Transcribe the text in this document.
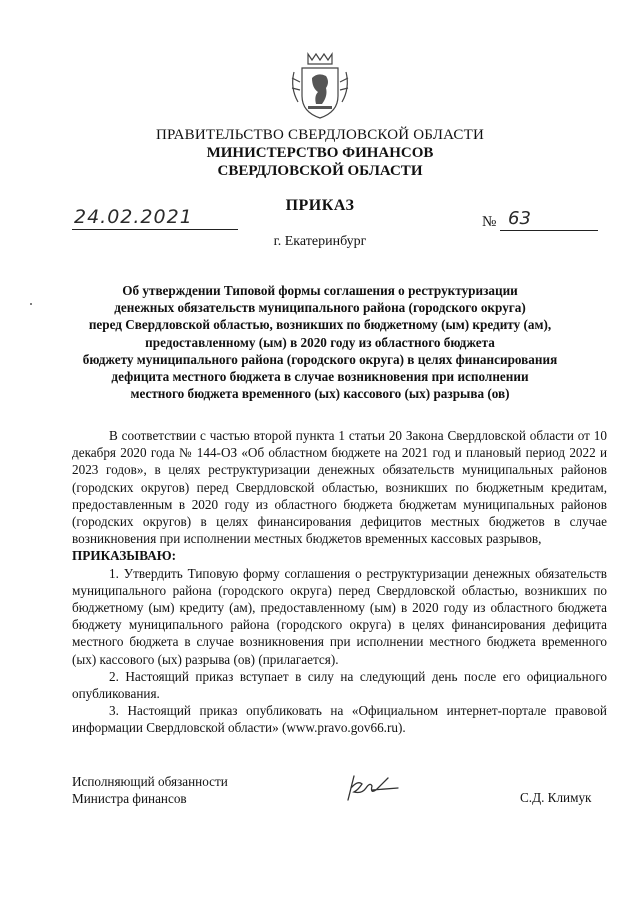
ПРАВИТЕЛЬСТВО СВЕРДЛОВСКОЙ ОБЛАСТИ
МИНИСТЕРСТВО ФИНАНСОВ
СВЕРДЛОВСКОЙ ОБЛАСТИ
ПРИКАЗ
24.02.2021	№ 63
г. Екатеринбург
Об утверждении Типовой формы соглашения о реструктуризации
денежных обязательств муниципального района (городского округа)
перед Свердловской областью, возникших по бюджетному (ым) кредиту (ам),
предоставленному (ым) в 2020 году из областного бюджета
бюджету муниципального района (городского округа) в целях финансирования
дефицита местного бюджета в случае возникновения при исполнении
местного бюджета временного (ых) кассового (ых) разрыва (ов)

В соответствии с частью второй пункта 1 статьи 20 Закона Свердловской области от 10 декабря 2020 года № 144-ОЗ «Об областном бюджете на 2021 год и плановый период 2022 и 2023 годов», в целях реструктуризации денежных обязательств муниципальных районов (городских округов) перед Свердловской областью, возникших по бюджетным кредитам, предоставленным в 2020 году из областного бюджета бюджетам муниципальных районов (городских округов) в целях финансирования дефицитов местных бюджетов в случае возникновения при исполнении местных бюджетов временных кассовых разрывов,

ПРИКАЗЫВАЮ:

1. Утвердить Типовую форму соглашения о реструктуризации денежных обязательств муниципального района (городского округа) перед Свердловской областью, возникших по бюджетному (ым) кредиту (ам), предоставленному (ым) в 2020 году из областного бюджета бюджету муниципального района (городского округа) в целях финансирования дефицита местного бюджета в случае возникновения при исполнении местного бюджета временного (ых) кассового (ых) разрыва (ов) (прилагается).

2. Настоящий приказ вступает в силу на следующий день после его официального опубликования.

3. Настоящий приказ опубликовать на «Официальном интернет-портале правовой информации Свердловской области» (www.pravo.gov66.ru).

Исполняющий обязанности
Министра финансов	С.Д. Климук
